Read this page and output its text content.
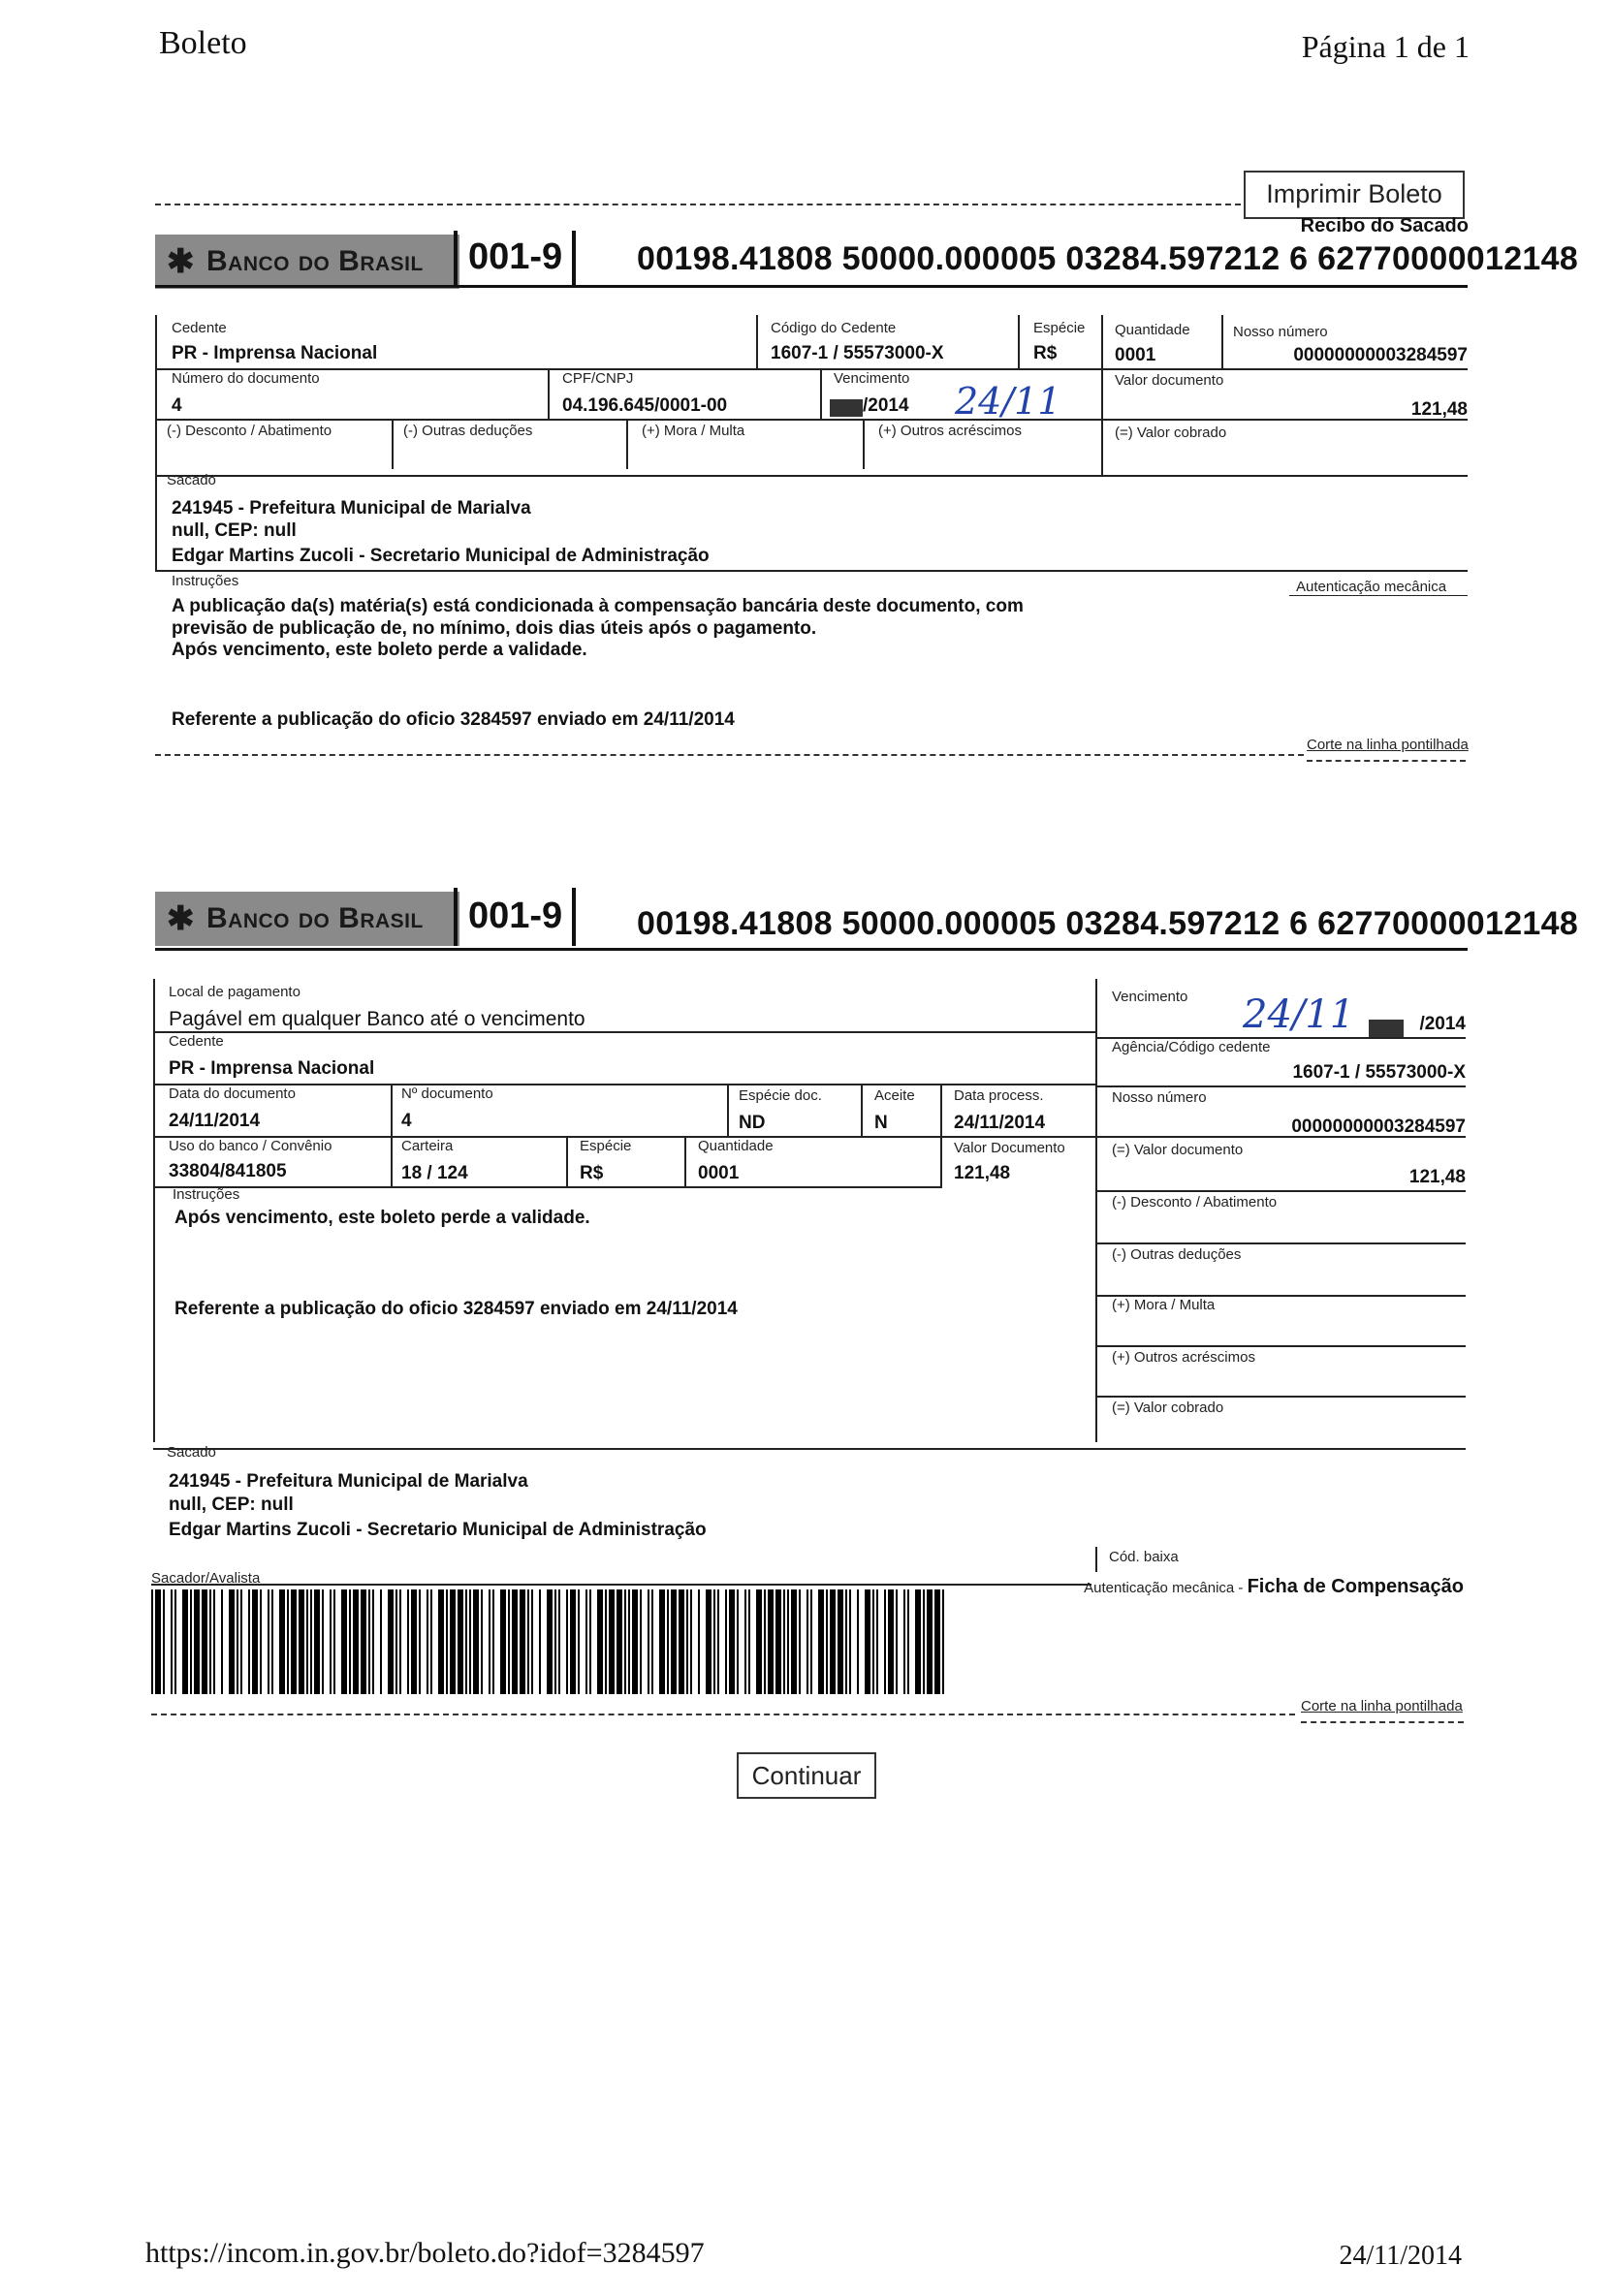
Boleto	Página 1 de 1
Imprimir Boleto
Recibo do Sacado
✱ Banco do Brasil 001-9 00198.41808 50000.000005 03284.597212 6 62770000012148
Cedente
PR - Imprensa Nacional
Código do Cedente
1607-1 / 55573000-X
Espécie
R$
Quantidade
0001
Nosso número
00000000003284597
Número do documento
4
CPF/CNPJ
04.196.645/0001-00
Vencimento
/2014 24/11	Valor documento
121,48
(-) Desconto / Abatimento	(-) Outras deduções	(+) Mora / Multa	(+) Outros acréscimos	(=) Valor cobrado
Sacado
241945 - Prefeitura Municipal de Marialva
null, CEP: null
Edgar Martins Zucoli - Secretario Municipal de Administração
Instruções	Autenticação mecânica
A publicação da(s) matéria(s) está condicionada à compensação bancária deste documento, com
previsão de publicação de, no mínimo, dois dias úteis após o pagamento.
Após vencimento, este boleto perde a validade.
Referente a publicação do oficio 3284597 enviado em 24/11/2014
Corte na linha pontilhada
✱ Banco do Brasil 001-9 00198.41808 50000.000005 03284.597212 6 62770000012148
Local de pagamento
Pagável em qualquer Banco até o vencimento
Vencimento 24/11	/2014
Cedente
PR - Imprensa Nacional
Agência/Código cedente
1607-1 / 55573000-X
Data do documento
24/11/2014
Nº documento
4
Espécie doc.
ND
Aceite
N
Data process.
24/11/2014
Nosso número
00000000003284597
Uso do banco / Convênio
33804/841805
Carteira
18 / 124
Espécie
R$
Quantidade
0001
Valor Documento
121,48
(=) Valor documento
121,48
Instruções
Após vencimento, este boleto perde a validade.
Referente a publicação do oficio 3284597 enviado em 24/11/2014
(-) Desconto / Abatimento
(-) Outras deduções
(+) Mora / Multa
(+) Outros acréscimos
(=) Valor cobrado
Sacado
241945 - Prefeitura Municipal de Marialva
null, CEP: null
Edgar Martins Zucoli - Secretario Municipal de Administração
Cód. baixa
Sacador/Avalista
Autenticação mecânica - Ficha de Compensação
Corte na linha pontilhada
Continuar
https://incom.in.gov.br/boleto.do?idof=3284597	24/11/2014
